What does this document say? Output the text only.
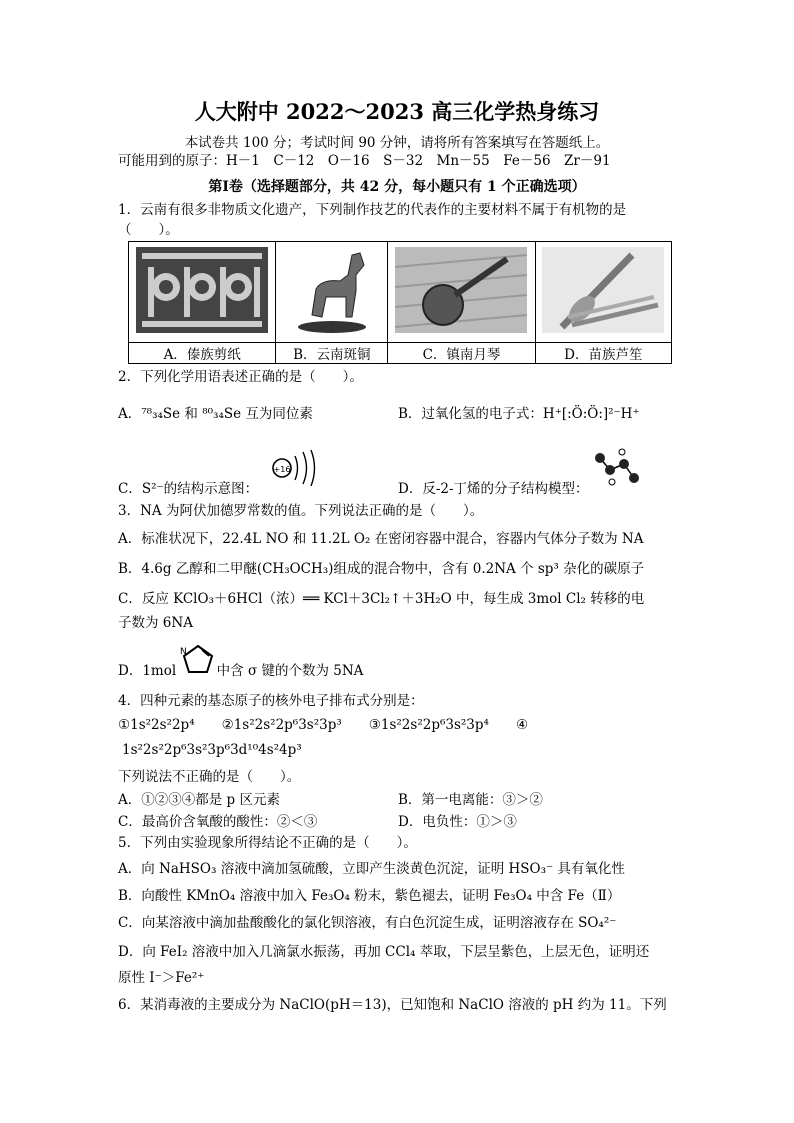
人大附中 2022～2023 高三化学热身练习
本试卷共 100 分；考试时间 90 分钟，请将所有答案填写在答题纸上。
可能用到的原子：H－1　C－12　O－16　S－32　Mn－55　Fe－56　Zr－91
第Ⅰ卷（选择题部分，共 42 分，每小题只有 1 个正确选项）
1．云南有很多非物质文化遗产，下列制作技艺的代表作的主要材料不属于有机物的是
（　　）。

A．傣族剪纸	B．云南斑铜	C．镇南月琴	D．苗族芦笙
2．下列化学用语表述正确的是（　　）。
A．⁷⁸₃₄Se 和 ⁸⁰₃₄Se 互为同位素	B．过氧化氢的电子式：H⁺[:Ö:Ö:]²⁻H⁺
C．S²⁻的结构示意图：
+16
D．反-2-丁烯的分子结构模型：
3．NA 为阿伏加德罗常数的值。下列说法正确的是（　　）。
A．标准状况下，22.4L NO 和 11.2L O₂ 在密闭容器中混合，容器内气体分子数为 NA
B．4.6g 乙醇和二甲醚(CH₃OCH₃)组成的混合物中，含有 0.2NA 个 sp³ 杂化的碳原子
C．反应 KClO₃＋6HCl（浓）══ KCl＋3Cl₂↑＋3H₂O 中，每生成 3mol Cl₂ 转移的电
子数为 6NA
D．1mol　　　中含 σ 键的个数为 5NA
N
4．四种元素的基态原子的核外电子排布式分别是：
①1s²2s²2p⁴　　②1s²2s²2p⁶3s²3p³　　③1s²2s²2p⁶3s²3p⁴　　④
1s²2s²2p⁶3s²3p⁶3d¹⁰4s²4p³
下列说法不正确的是（　　）。
A．①②③④都是 p 区元素	B．第一电离能：③＞②
C．最高价含氧酸的酸性：②＜③	D．电负性：①＞③
5．下列由实验现象所得结论不正确的是（　　）。
A．向 NaHSO₃ 溶液中滴加氢硫酸，立即产生淡黄色沉淀，证明 HSO₃⁻ 具有氧化性
B．向酸性 KMnO₄ 溶液中加入 Fe₃O₄ 粉末，紫色褪去，证明 Fe₃O₄ 中含 Fe（Ⅱ）
C．向某溶液中滴加盐酸酸化的氯化钡溶液，有白色沉淀生成，证明溶液存在 SO₄²⁻
D．向 FeI₂ 溶液中加入几滴氯水振荡，再加 CCl₄ 萃取，下层呈紫色，上层无色，证明还
原性 I⁻＞Fe²⁺
6．某消毒液的主要成分为 NaClO(pH＝13)，已知饱和 NaClO 溶液的 pH 约为 11。下列
